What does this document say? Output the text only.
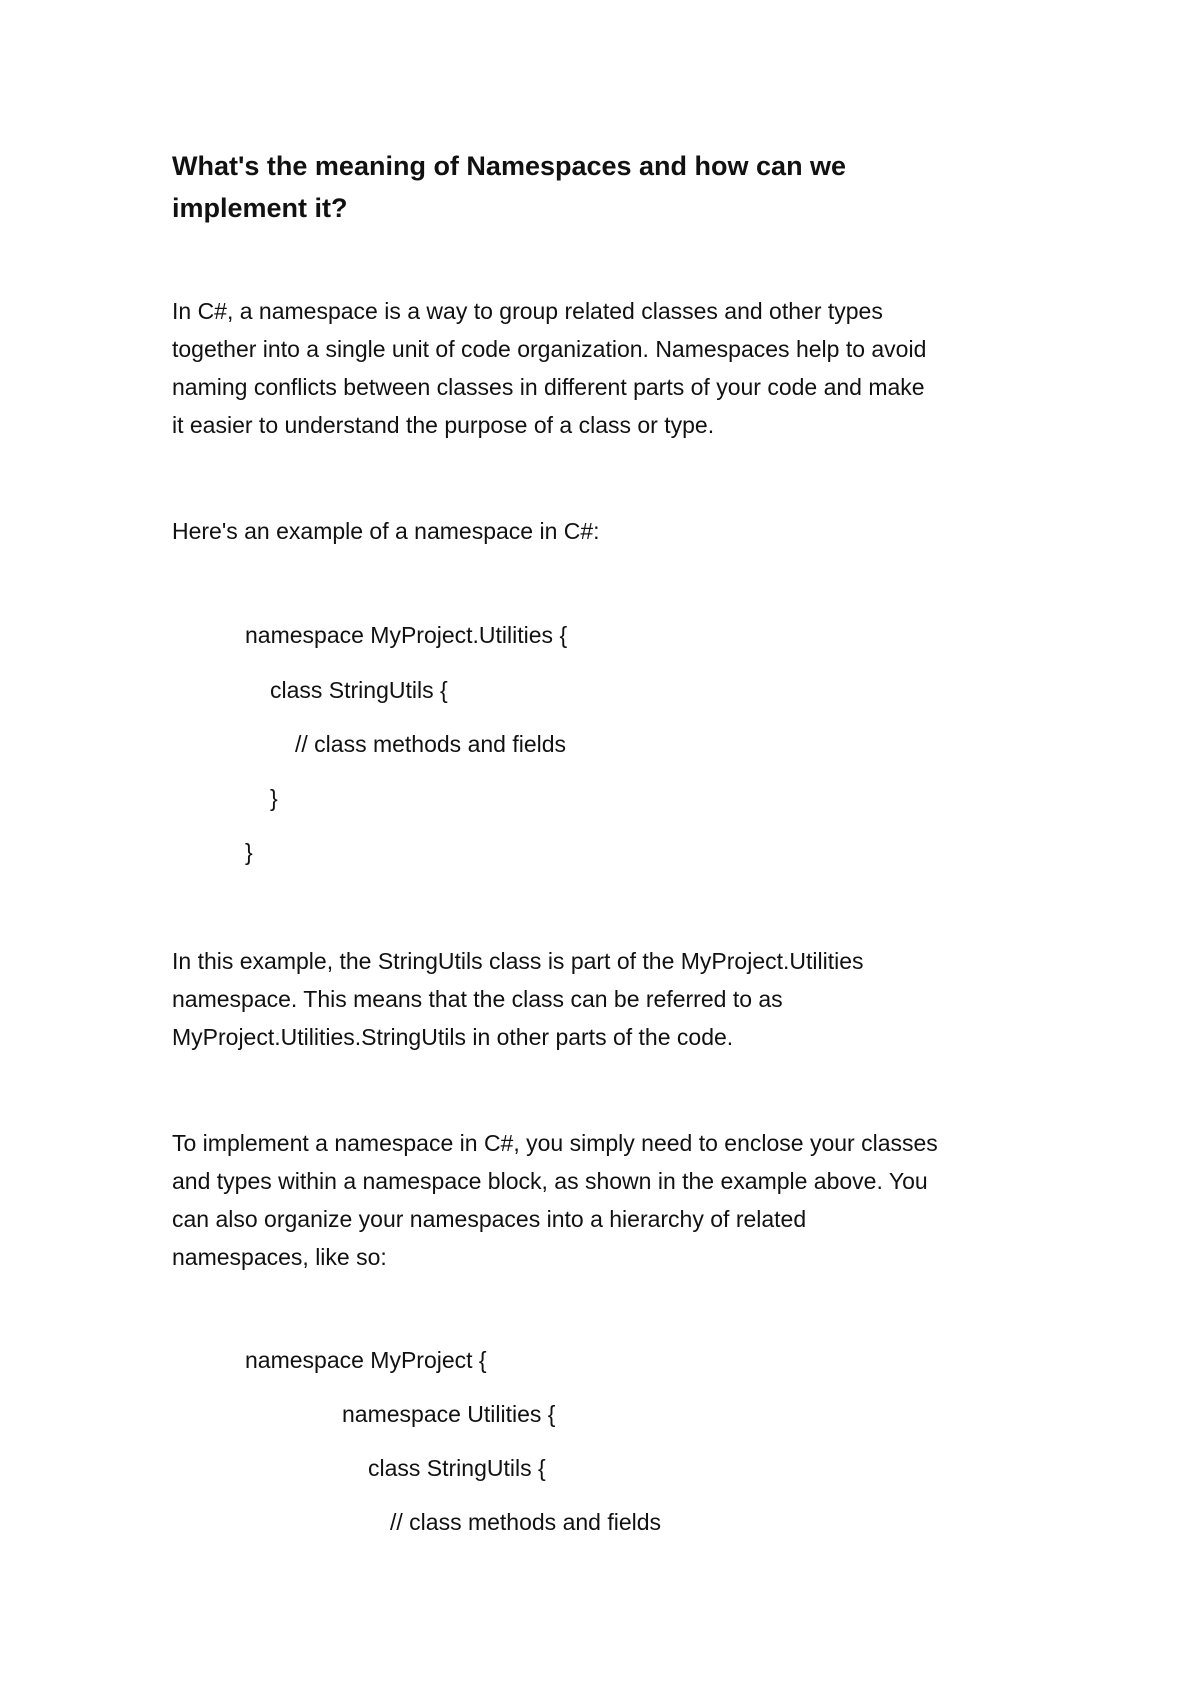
What's the meaning of Namespaces and how can we
implement it?

In C#, a namespace is a way to group related classes and other types
together into a single unit of code organization. Namespaces help to avoid
naming conflicts between classes in different parts of your code and make
it easier to understand the purpose of a class or type.

Here's an example of a namespace in C#:

namespace MyProject.Utilities {

class StringUtils {

// class methods and fields

}

}

In this example, the StringUtils class is part of the MyProject.Utilities
namespace. This means that the class can be referred to as
MyProject.Utilities.StringUtils in other parts of the code.

To implement a namespace in C#, you simply need to enclose your classes
and types within a namespace block, as shown in the example above. You
can also organize your namespaces into a hierarchy of related
namespaces, like so:

namespace MyProject {

namespace Utilities {

class StringUtils {

// class methods and fields
